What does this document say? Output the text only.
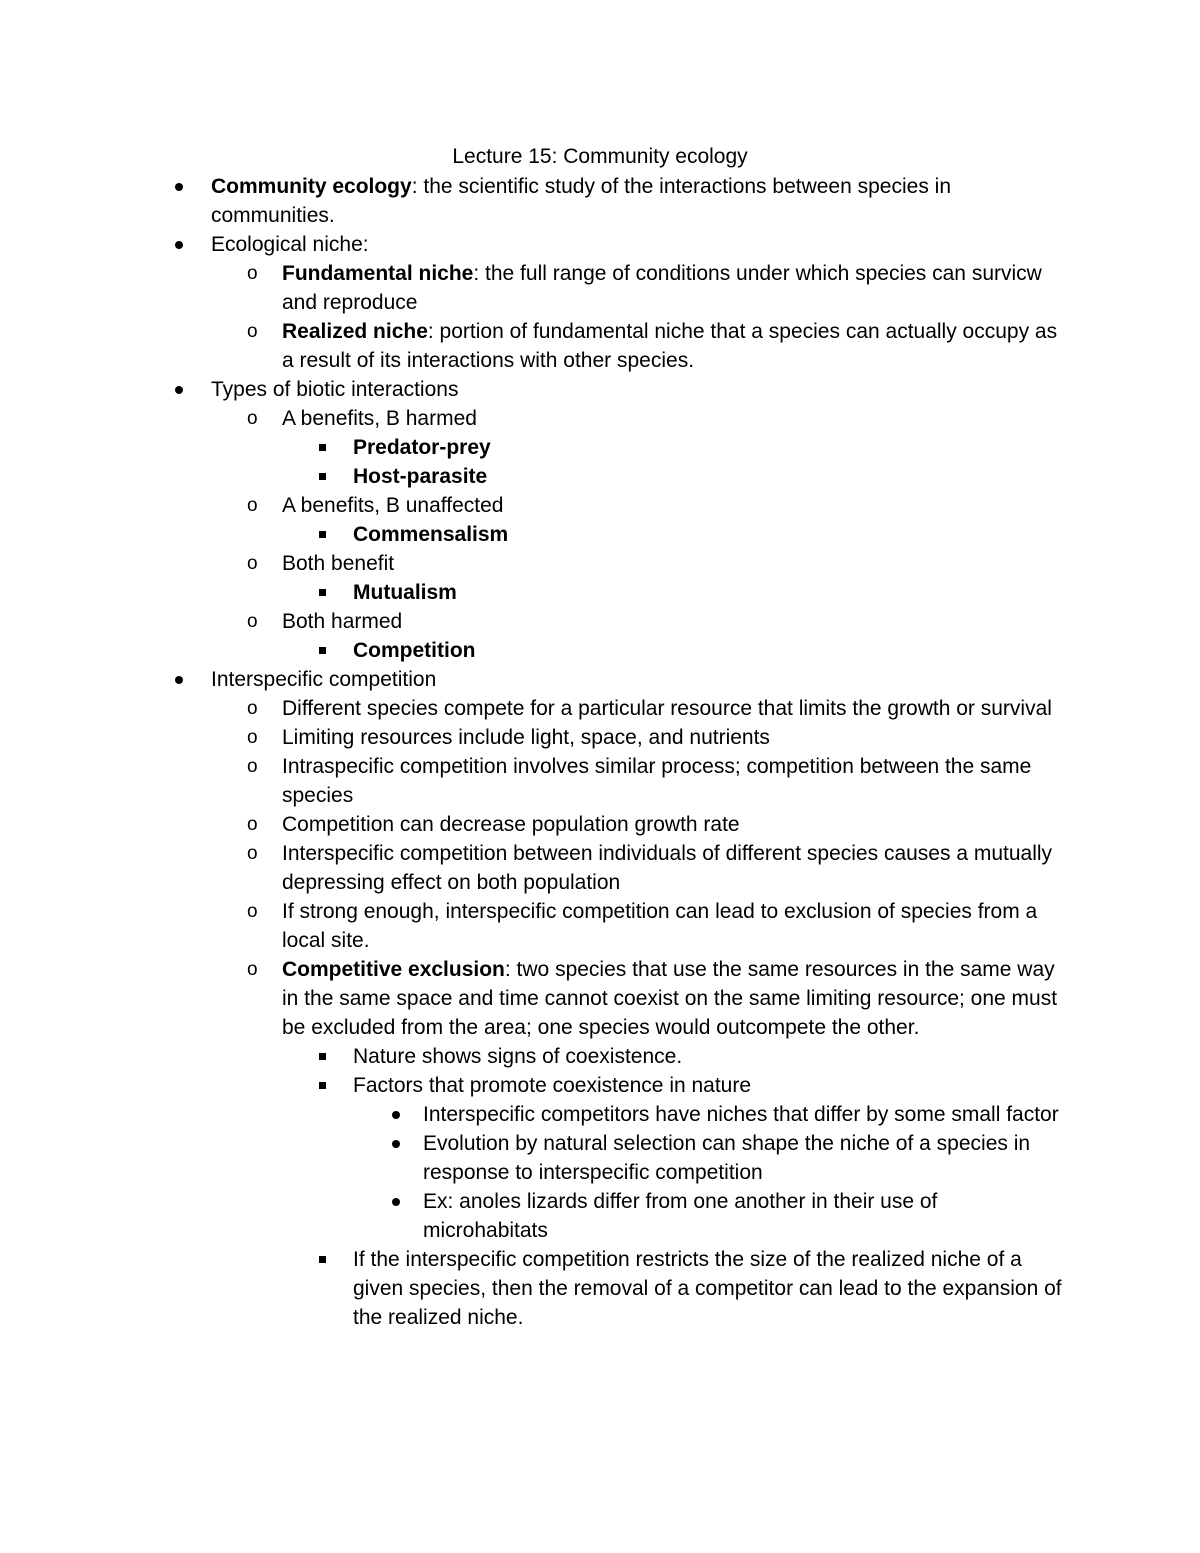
Lecture 15: Community ecology
Community ecology: the scientific study of the interactions between species in communities.
Ecological niche:
o	Fundamental niche: the full range of conditions under which species can survicw and reproduce
o	Realized niche: portion of fundamental niche that a species can actually occupy as a result of its interactions with other species.
Types of biotic interactions
o	A benefits, B harmed
Predator-prey
Host-parasite
o	A benefits, B unaffected
Commensalism
o	Both benefit
Mutualism
o	Both harmed
Competition
Interspecific competition
o	Different species compete for a particular resource that limits the growth or survival
o	Limiting resources include light, space, and nutrients
o	Intraspecific competition involves similar process; competition between the same species
o	Competition can decrease population growth rate
o	Interspecific competition between individuals of different species causes a mutually depressing effect on both population
o	If strong enough, interspecific competition can lead to exclusion of species from a local site.
o	Competitive exclusion: two species that use the same resources in the same way in the same space and time cannot coexist on the same limiting resource; one must be excluded from the area; one species would outcompete the other.
Nature shows signs of coexistence.
Factors that promote coexistence in nature
Interspecific competitors have niches that differ by some small factor
Evolution by natural selection can shape the niche of a species in response to interspecific competition
Ex: anoles lizards differ from one another in their use of microhabitats
If the interspecific competition restricts the size of the realized niche of a given species, then the removal of a competitor can lead to the expansion of the realized niche.
